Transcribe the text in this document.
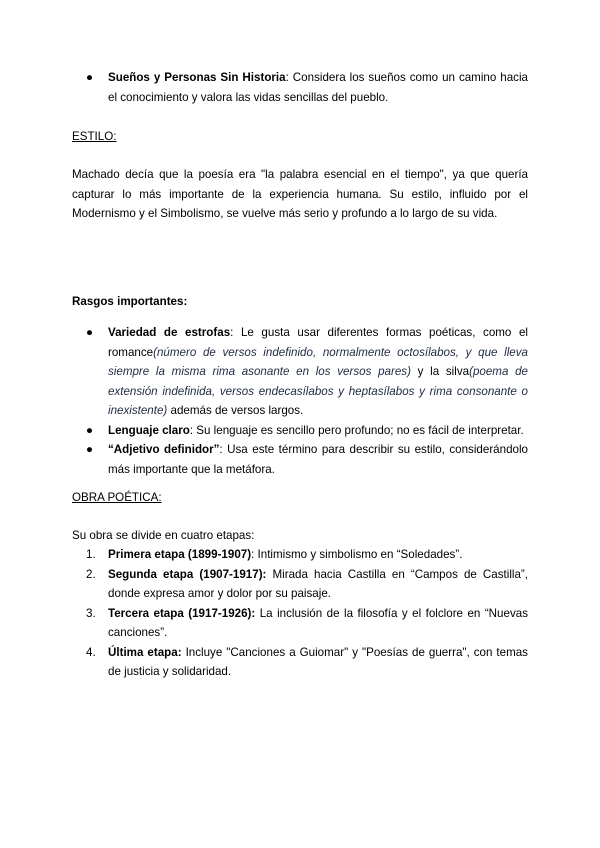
● Sueños y Personas Sin Historia: Considera los sueños como un camino hacia el conocimiento y valora las vidas sencillas del pueblo.
ESTILO:
Machado decía que la poesía era "la palabra esencial en el tiempo", ya que quería capturar lo más importante de la experiencia humana. Su estilo, influido por el Modernismo y el Simbolismo, se vuelve más serio y profundo a lo largo de su vida.
Rasgos importantes:
● Variedad de estrofas: Le gusta usar diferentes formas poéticas, como el romance(número de versos indefinido, normalmente octosílabos, y que lleva siempre la misma rima asonante en los versos pares) y la silva(poema de extensión indefinida, versos endecasílabos y heptasílabos y rima consonante o inexistente) además de versos largos.
● Lenguaje claro: Su lenguaje es sencillo pero profundo; no es fácil de interpretar.
● “Adjetivo definidor”: Usa este término para describir su estilo, considerándolo más importante que la metáfora.
OBRA POÉTICA:
Su obra se divide en cuatro etapas:
1. Primera etapa (1899-1907): Intimismo y simbolismo en “Soledades”.
2. Segunda etapa (1907-1917): Mirada hacia Castilla en “Campos de Castilla”, donde expresa amor y dolor por su paisaje.
3. Tercera etapa (1917-1926): La inclusión de la filosofía y el folclore en “Nuevas canciones”.
4. Última etapa: Incluye "Canciones a Guiomar" y "Poesías de guerra", con temas de justicia y solidaridad.
